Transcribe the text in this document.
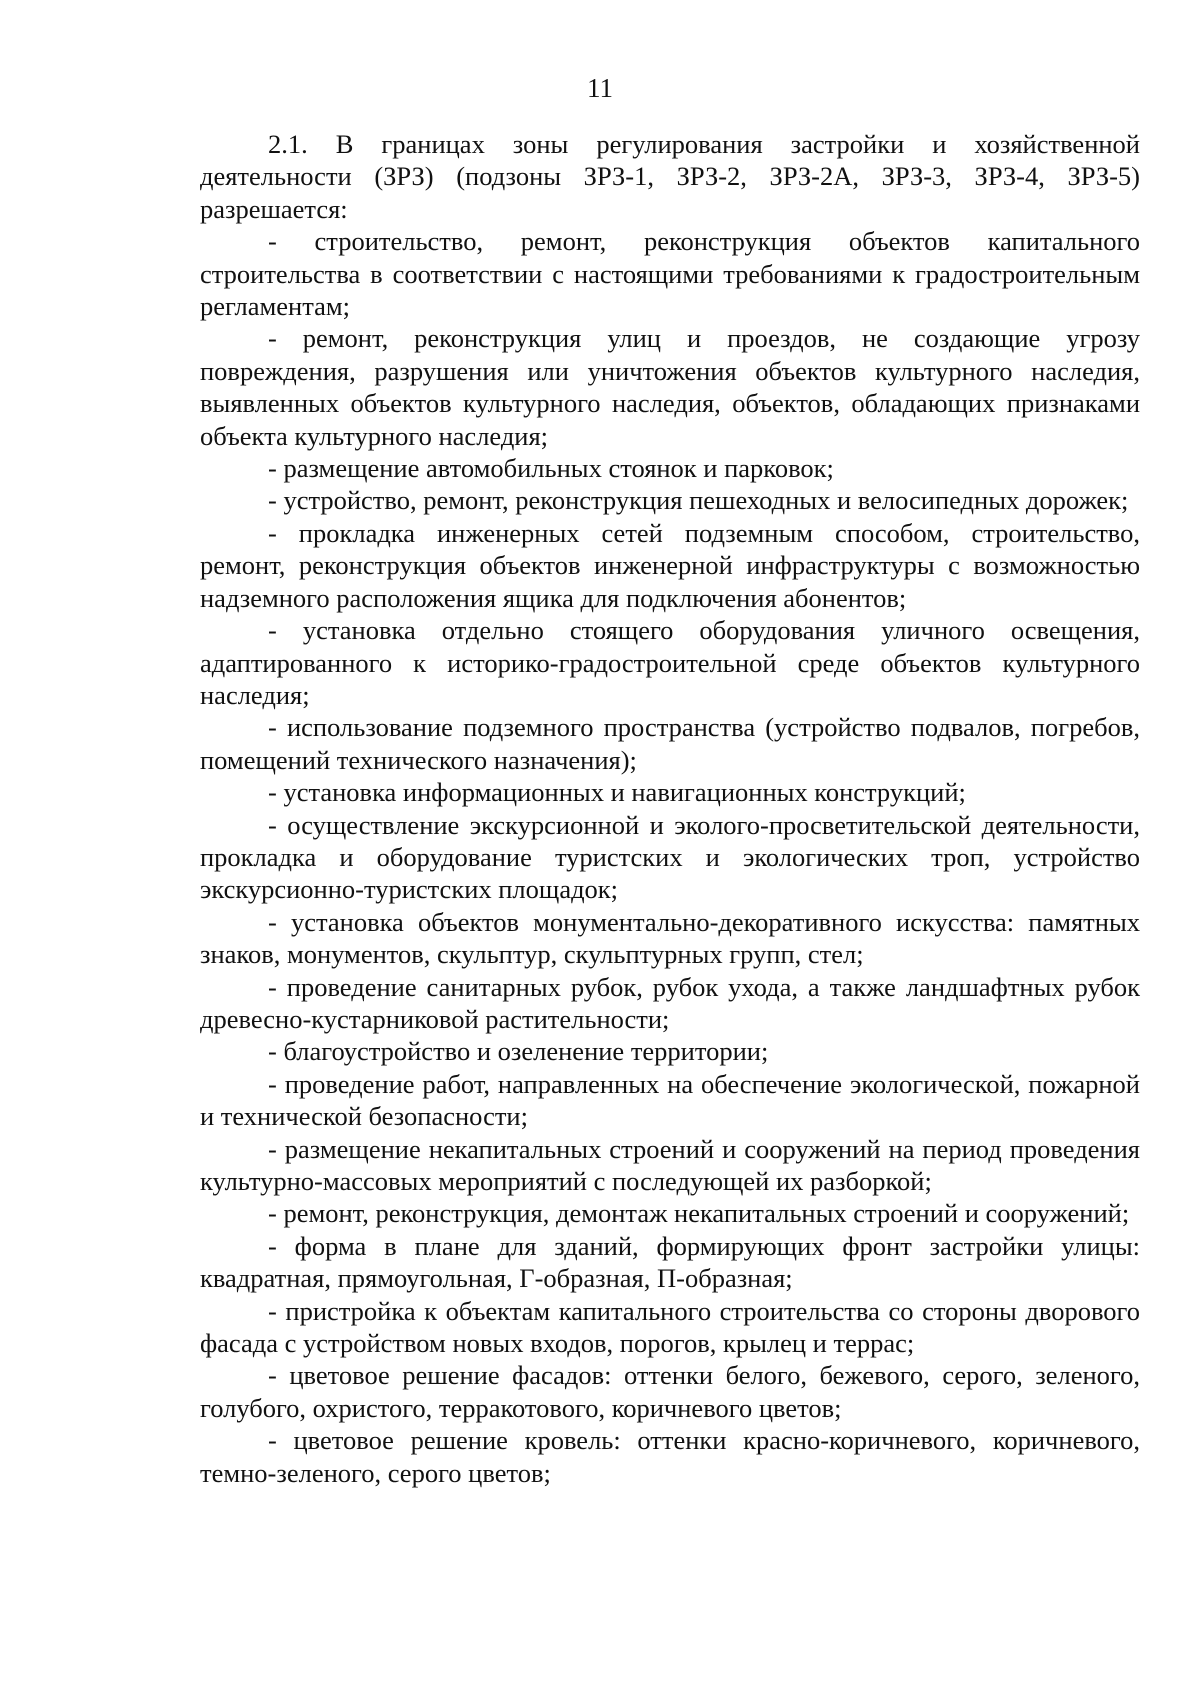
11

2.1. В границах зоны регулирования застройки и хозяйственной деятельности (ЗРЗ) (подзоны ЗРЗ-1, ЗРЗ-2, ЗРЗ-2А, ЗРЗ-3, ЗРЗ-4, ЗРЗ-5) разрешается:

- строительство, ремонт, реконструкция объектов капитального строительства в соответствии с настоящими требованиями к градостроительным регламентам;

- ремонт, реконструкция улиц и проездов, не создающие угрозу повреждения, разрушения или уничтожения объектов культурного наследия, выявленных объектов культурного наследия, объектов, обладающих признаками объекта культурного наследия;

- размещение автомобильных стоянок и парковок;

- устройство, ремонт, реконструкция пешеходных и велосипедных дорожек;

- прокладка инженерных сетей подземным способом, строительство, ремонт, реконструкция объектов инженерной инфраструктуры с возможностью надземного расположения ящика для подключения абонентов;

- установка отдельно стоящего оборудования уличного освещения, адаптированного к историко-градостроительной среде объектов культурного наследия;

- использование подземного пространства (устройство подвалов, погребов, помещений технического назначения);

- установка информационных и навигационных конструкций;

- осуществление экскурсионной и эколого-просветительской деятельности, прокладка и оборудование туристских и экологических троп, устройство экскурсионно-туристских площадок;

- установка объектов монументально-декоративного искусства: памятных знаков, монументов, скульптур, скульптурных групп, стел;

- проведение санитарных рубок, рубок ухода, а также ландшафтных рубок древесно-кустарниковой растительности;

- благоустройство и озеленение территории;

- проведение работ, направленных на обеспечение экологической, пожарной и технической безопасности;

- размещение некапитальных строений и сооружений на период проведения культурно-массовых мероприятий с последующей их разборкой;

- ремонт, реконструкция, демонтаж некапитальных строений и сооружений;

- форма в плане для зданий, формирующих фронт застройки улицы: квадратная, прямоугольная, Г-образная, П-образная;

- пристройка к объектам капитального строительства со стороны дворового фасада с устройством новых входов, порогов, крылец и террас;

- цветовое решение фасадов: оттенки белого, бежевого, серого, зеленого, голубого, охристого, терракотового, коричневого цветов;

- цветовое решение кровель: оттенки красно-коричневого, коричневого, темно-зеленого, серого цветов;
